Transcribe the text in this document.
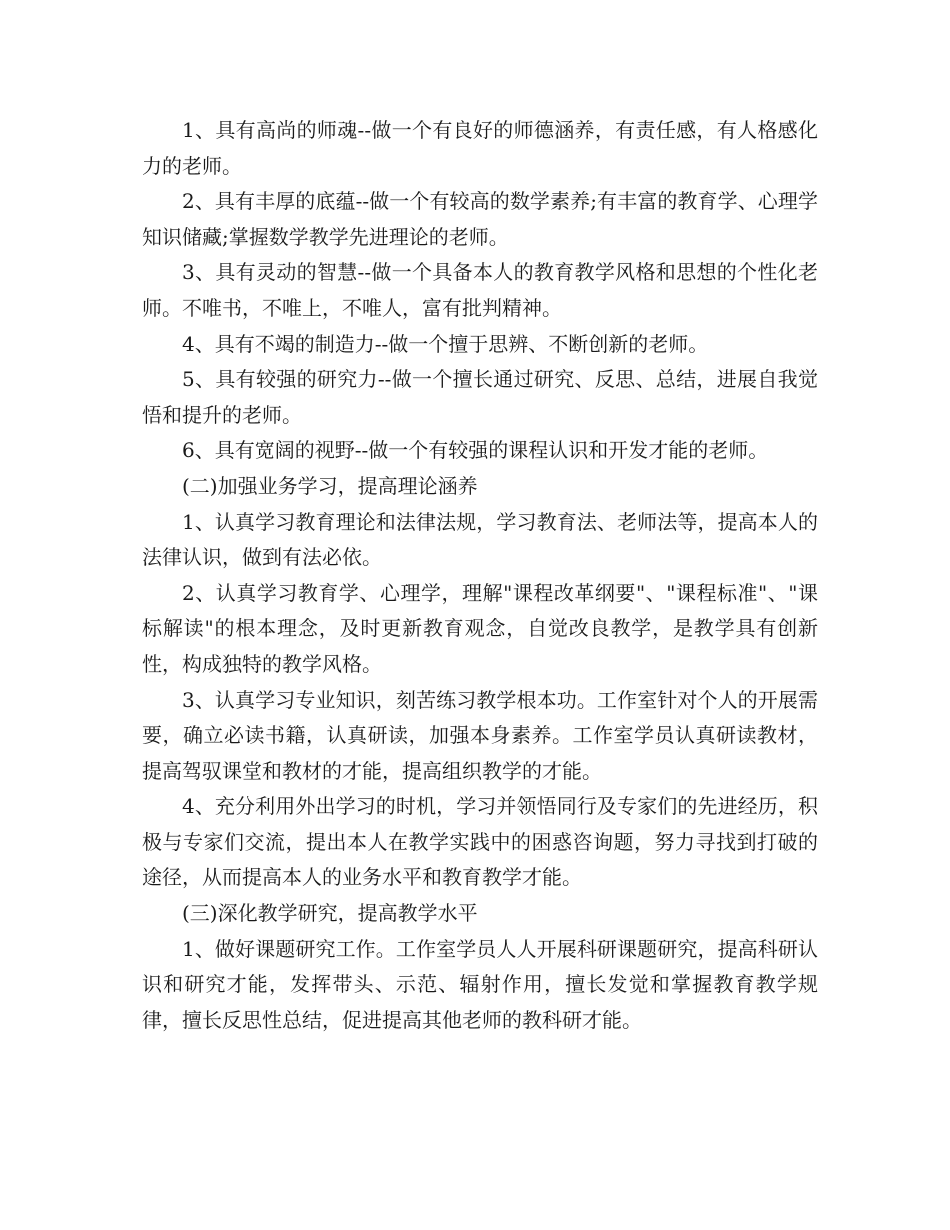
1、具有高尚的师魂--做一个有良好的师德涵养，有责任感，有人格感化力的老师。

2、具有丰厚的底蕴--做一个有较高的数学素养;有丰富的教育学、心理学知识储藏;掌握数学教学先进理论的老师。

3、具有灵动的智慧--做一个具备本人的教育教学风格和思想的个性化老师。不唯书，不唯上，不唯人，富有批判精神。

4、具有不竭的制造力--做一个擅于思辨、不断创新的老师。

5、具有较强的研究力--做一个擅长通过研究、反思、总结，进展自我觉悟和提升的老师。

6、具有宽阔的视野--做一个有较强的课程认识和开发才能的老师。

(二)加强业务学习，提高理论涵养

1、认真学习教育理论和法律法规，学习教育法、老师法等，提高本人的法律认识，做到有法必依。

2、认真学习教育学、心理学，理解"课程改革纲要"、"课程标准"、"课标解读"的根本理念，及时更新教育观念，自觉改良教学，是教学具有创新性，构成独特的教学风格。

3、认真学习专业知识，刻苦练习教学根本功。工作室针对个人的开展需要，确立必读书籍，认真研读，加强本身素养。工作室学员认真研读教材，提高驾驭课堂和教材的才能，提高组织教学的才能。

4、充分利用外出学习的时机，学习并领悟同行及专家们的先进经历，积极与专家们交流，提出本人在教学实践中的困惑咨询题，努力寻找到打破的途径，从而提高本人的业务水平和教育教学才能。

(三)深化教学研究，提高教学水平

1、做好课题研究工作。工作室学员人人开展科研课题研究，提高科研认识和研究才能，发挥带头、示范、辐射作用，擅长发觉和掌握教育教学规律，擅长反思性总结，促进提高其他老师的教科研才能。
